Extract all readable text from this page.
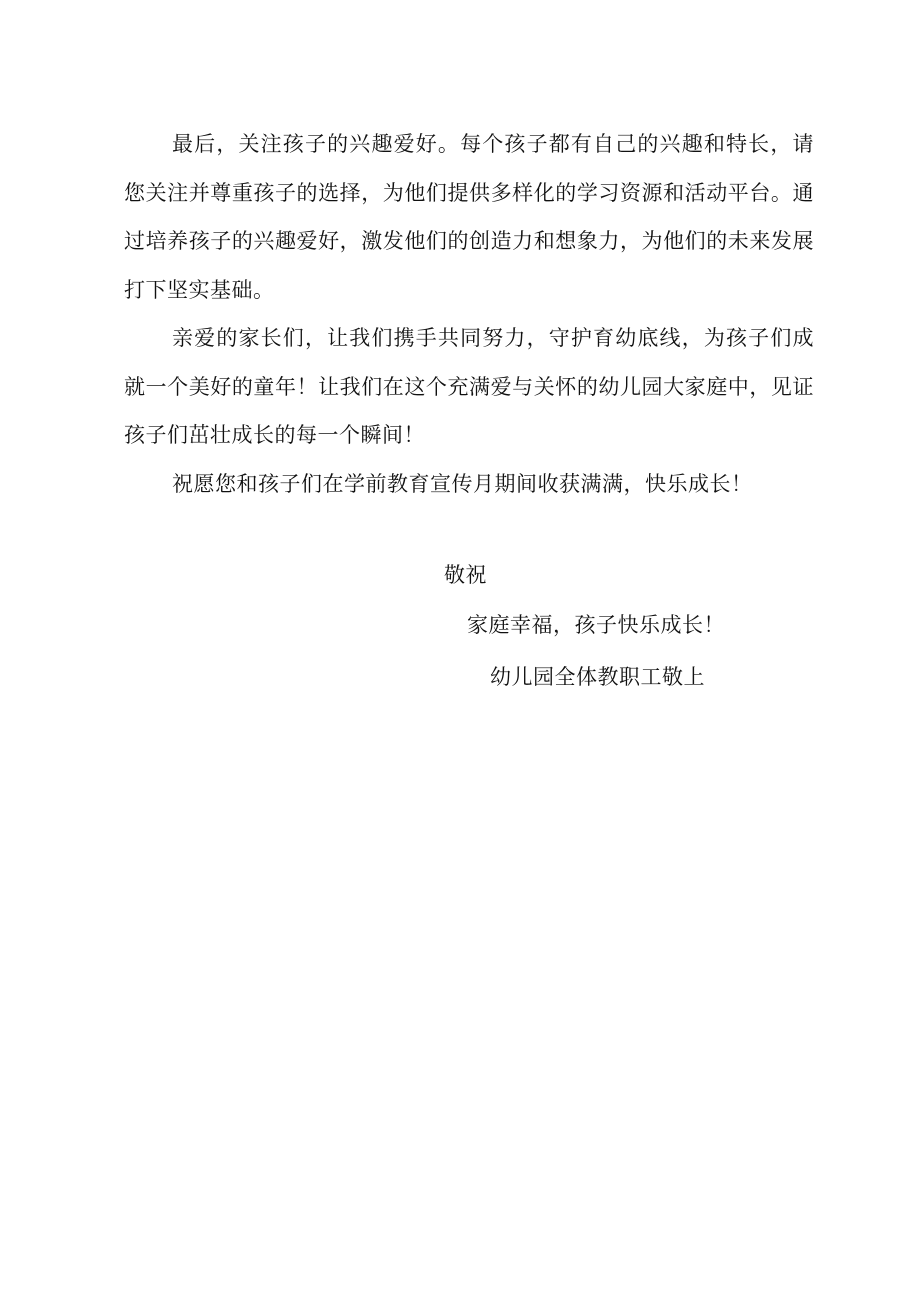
最后，关注孩子的兴趣爱好。每个孩子都有自己的兴趣和特长，请您关注并尊重孩子的选择，为他们提供多样化的学习资源和活动平台。通过培养孩子的兴趣爱好，激发他们的创造力和想象力，为他们的未来发展打下坚实基础。

亲爱的家长们，让我们携手共同努力，守护育幼底线，为孩子们成就一个美好的童年！让我们在这个充满爱与关怀的幼儿园大家庭中，见证孩子们茁壮成长的每一个瞬间！

祝愿您和孩子们在学前教育宣传月期间收获满满，快乐成长！

敬祝
家庭幸福，孩子快乐成长！
幼儿园全体教职工敬上
